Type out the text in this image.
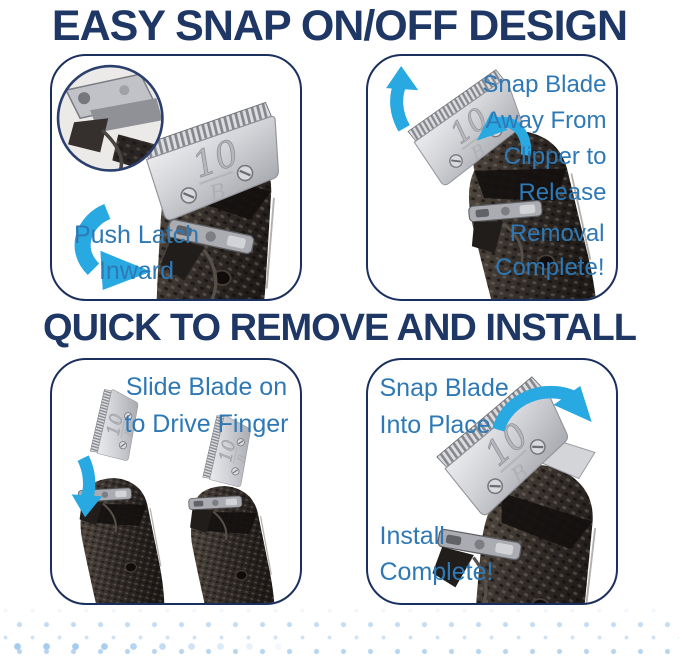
EASY SNAP ON/OFF DESIGN
Push Latch
Inward
Snap Blade
Away From
Clipper to
Release
Removal
Complete!
QUICK TO REMOVE AND INSTALL
Slide Blade on
to Drive Finger
Snap Blade
Into Place
Install
Complete!
